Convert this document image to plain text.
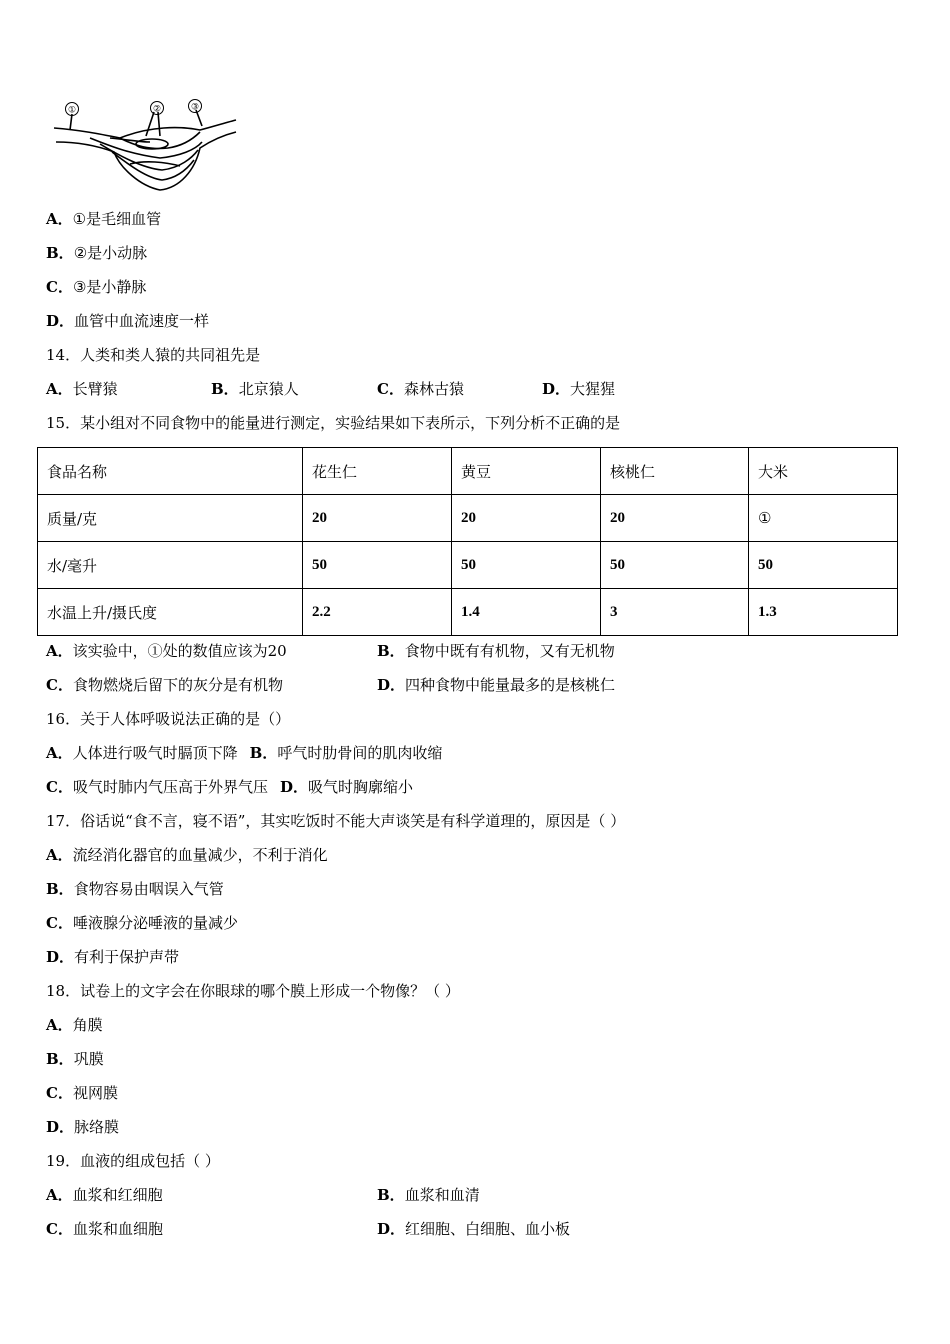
①	②	③
A．①是毛细血管
B．②是小动脉
C．③是小静脉
D．血管中血流速度一样
14．人类和类人猿的共同祖先是
A．长臂猿	B．北京猿人	C．森林古猿	D．大猩猩
15．某小组对不同食物中的能量进行测定，实验结果如下表所示，下列分析不正确的是
食品名称	花生仁	黄豆	核桃仁	大米
质量/克	20	20	20	①
水/毫升	50	50	50	50
水温上升/摄氏度	2.2	1.4	3	1.3
A．该实验中，①处的数值应该为20	B．食物中既有有机物，又有无机物
C．食物燃烧后留下的灰分是有机物	D．四种食物中能量最多的是核桃仁
16．关于人体呼吸说法正确的是（）
A．人体进行吸气时膈顶下降 B．呼气时肋骨间的肌肉收缩
C．吸气时肺内气压高于外界气压 D．吸气时胸廓缩小
17．俗话说“食不言，寝不语”，其实吃饭时不能大声谈笑是有科学道理的，原因是（ ）
A．流经消化器官的血量减少，不利于消化
B．食物容易由咽误入气管
C．唾液腺分泌唾液的量减少
D．有利于保护声带
18．试卷上的文字会在你眼球的哪个膜上形成一个物像？（ ）
A．角膜
B．巩膜
C．视网膜
D．脉络膜
19．血液的组成包括（ ）
A．血浆和红细胞	B．血浆和血清
C．血浆和血细胞	D．红细胞、白细胞、血小板
